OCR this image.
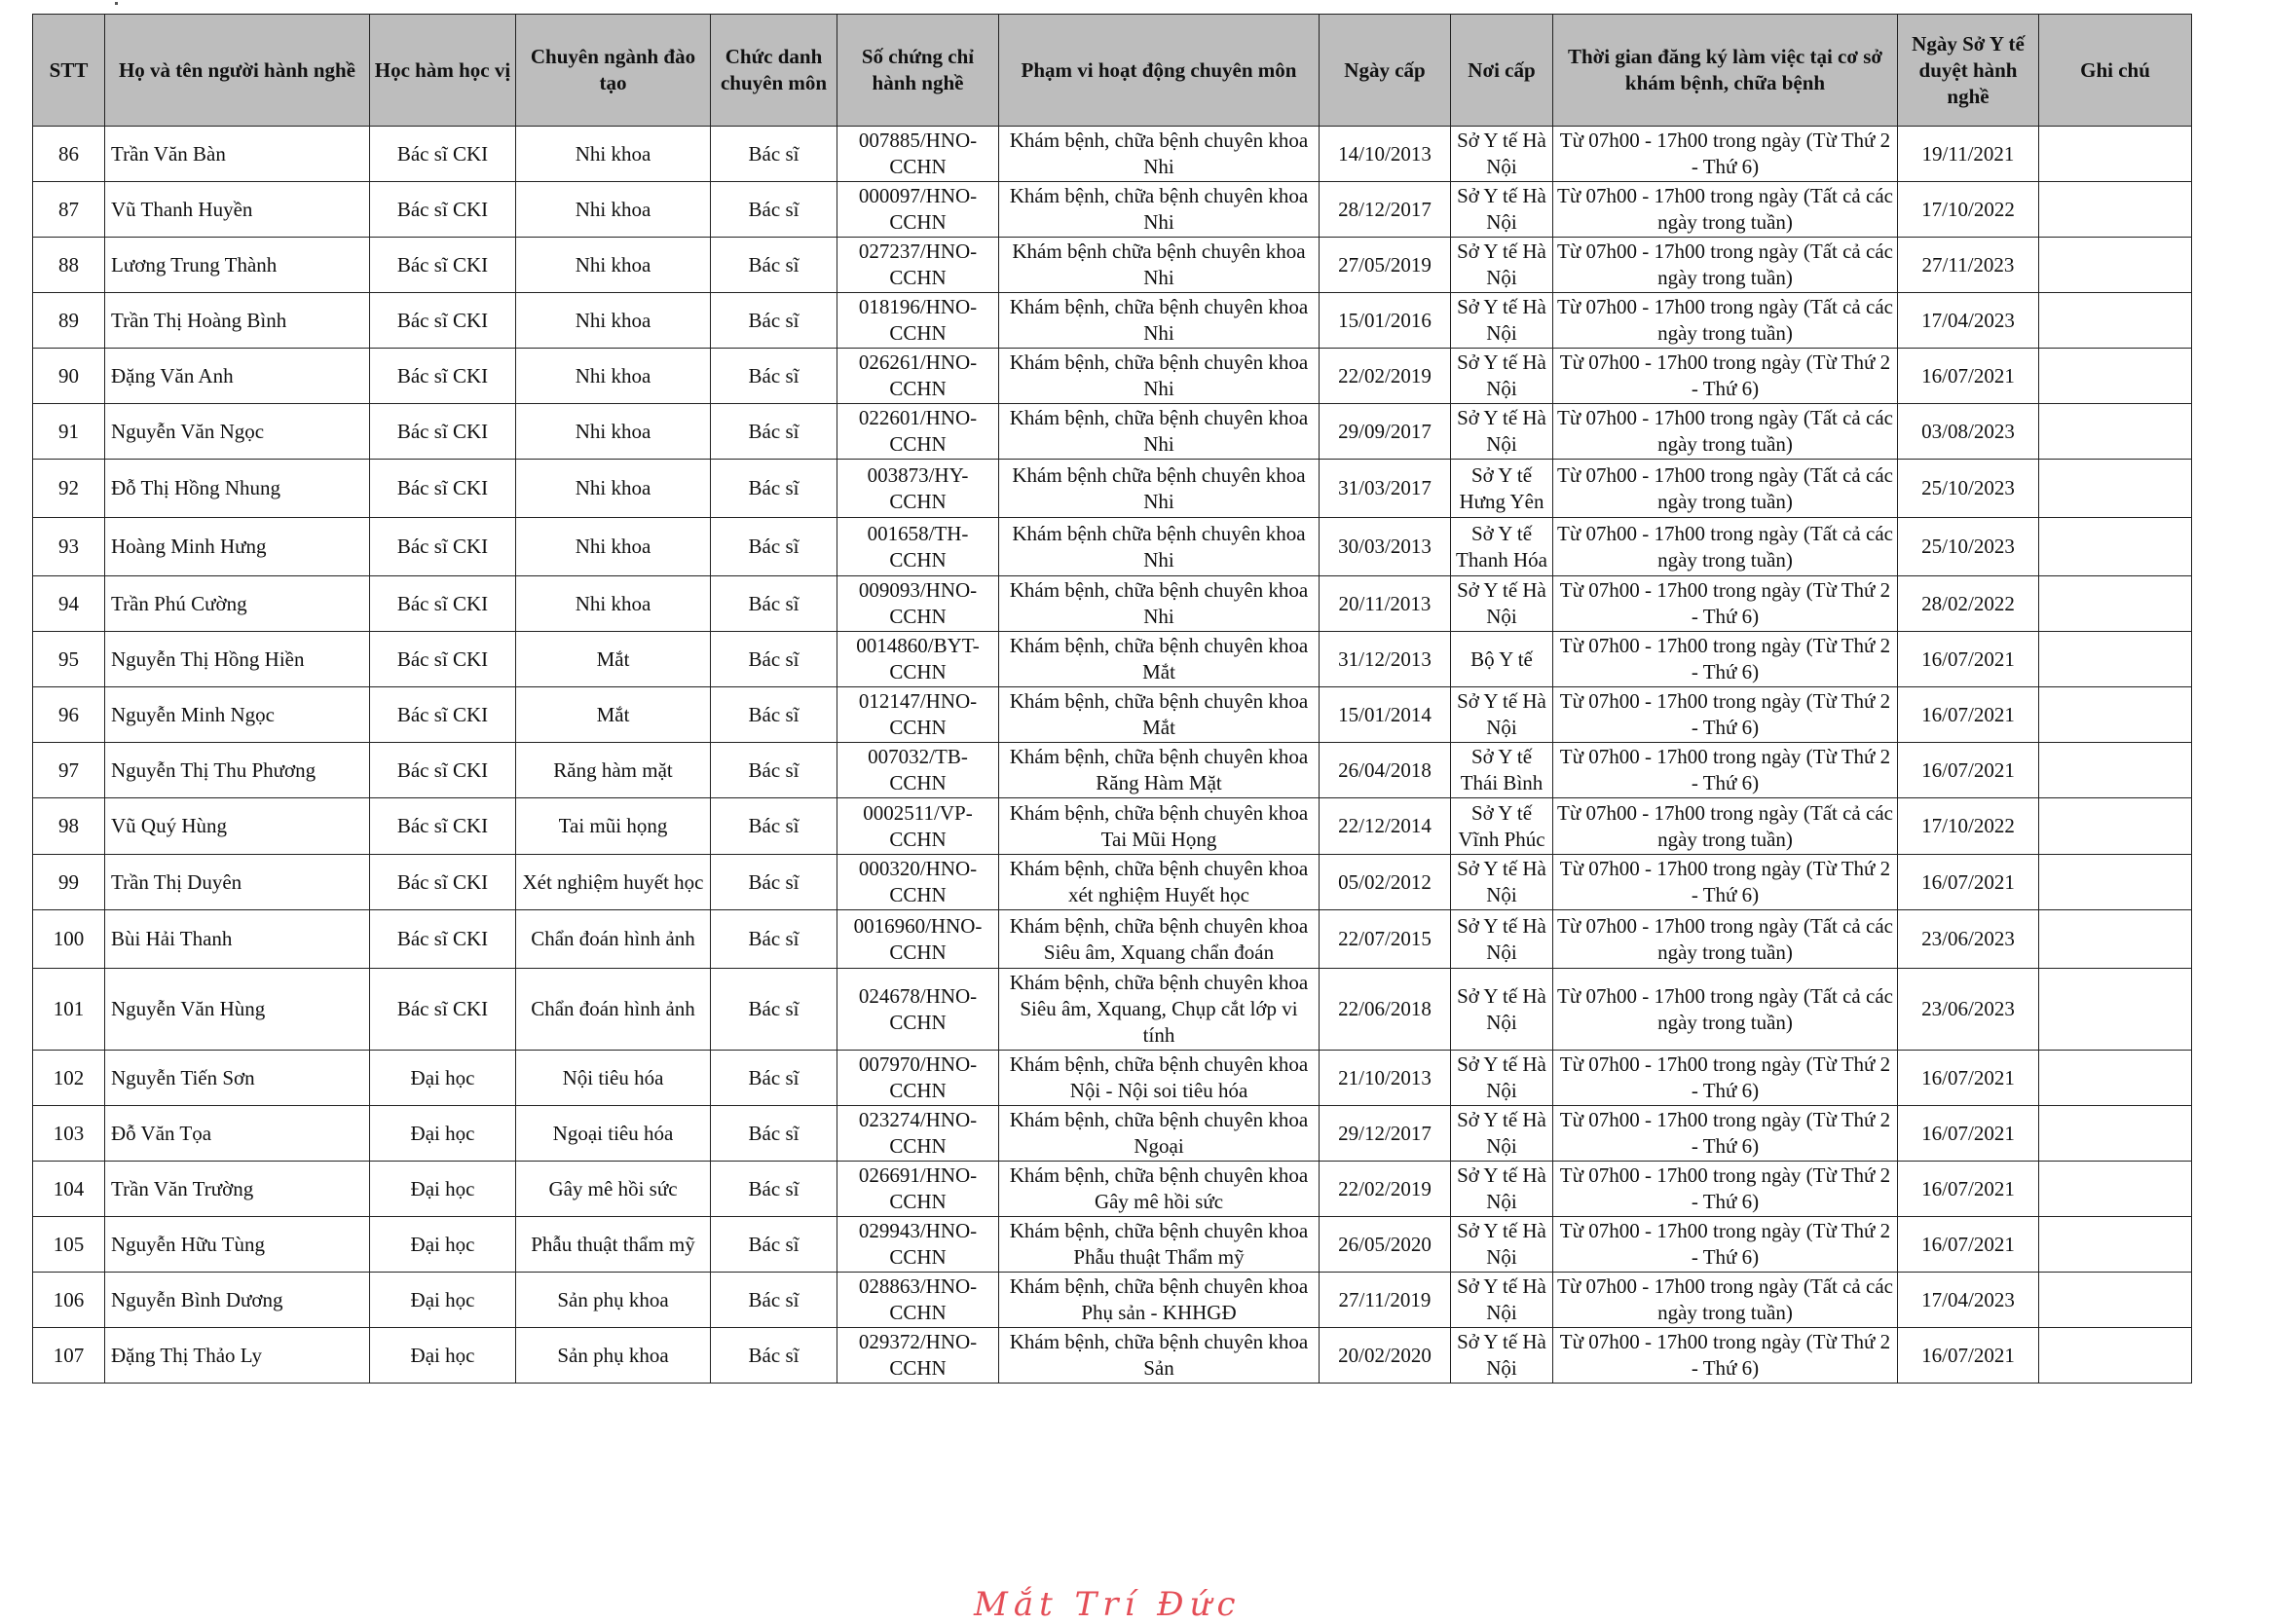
STT	Họ và tên người hành nghề	Học hàm học vị	Chuyên ngành đào tạo	Chức danh chuyên môn	Số chứng chỉ hành nghề	Phạm vi hoạt động chuyên môn	Ngày cấp	Nơi cấp	Thời gian đăng ký làm việc tại cơ sở khám bệnh, chữa bệnh	Ngày Sở Y tế duyệt hành nghề	Ghi chú
86	Trần Văn Bàn	Bác sĩ CKI	Nhi khoa	Bác sĩ	007885/HNO-CCHN	Khám bệnh, chữa bệnh chuyên khoa Nhi	14/10/2013	Sở Y tế Hà Nội	Từ 07h00 - 17h00 trong ngày (Từ Thứ 2 - Thứ 6)	19/11/2021	
87	Vũ Thanh Huyền	Bác sĩ CKI	Nhi khoa	Bác sĩ	000097/HNO-CCHN	Khám bệnh, chữa bệnh chuyên khoa Nhi	28/12/2017	Sở Y tế Hà Nội	Từ 07h00 - 17h00 trong ngày (Tất cả các ngày trong tuần)	17/10/2022	
88	Lương Trung Thành	Bác sĩ CKI	Nhi khoa	Bác sĩ	027237/HNO-CCHN	Khám bệnh chữa bệnh chuyên khoa Nhi	27/05/2019	Sở Y tế Hà Nội	Từ 07h00 - 17h00 trong ngày (Tất cả các ngày trong tuần)	27/11/2023	
89	Trần Thị Hoàng Bình	Bác sĩ CKI	Nhi khoa	Bác sĩ	018196/HNO-CCHN	Khám bệnh, chữa bệnh chuyên khoa Nhi	15/01/2016	Sở Y tế Hà Nội	Từ 07h00 - 17h00 trong ngày (Tất cả các ngày trong tuần)	17/04/2023	
90	Đặng Văn Anh	Bác sĩ CKI	Nhi khoa	Bác sĩ	026261/HNO-CCHN	Khám bệnh, chữa bệnh chuyên khoa Nhi	22/02/2019	Sở Y tế Hà Nội	Từ 07h00 - 17h00 trong ngày (Từ Thứ 2 - Thứ 6)	16/07/2021	
91	Nguyễn Văn Ngọc	Bác sĩ CKI	Nhi khoa	Bác sĩ	022601/HNO-CCHN	Khám bệnh, chữa bệnh chuyên khoa Nhi	29/09/2017	Sở Y tế Hà Nội	Từ 07h00 - 17h00 trong ngày (Tất cả các ngày trong tuần)	03/08/2023	
92	Đỗ Thị Hồng Nhung	Bác sĩ CKI	Nhi khoa	Bác sĩ	003873/HY-CCHN	Khám bệnh chữa bệnh chuyên khoa Nhi	31/03/2017	Sở Y tế Hưng Yên	Từ 07h00 - 17h00 trong ngày (Tất cả các ngày trong tuần)	25/10/2023	
93	Hoàng Minh Hưng	Bác sĩ CKI	Nhi khoa	Bác sĩ	001658/TH-CCHN	Khám bệnh chữa bệnh chuyên khoa Nhi	30/03/2013	Sở Y tế Thanh Hóa	Từ 07h00 - 17h00 trong ngày (Tất cả các ngày trong tuần)	25/10/2023	
94	Trần Phú Cường	Bác sĩ CKI	Nhi khoa	Bác sĩ	009093/HNO-CCHN	Khám bệnh, chữa bệnh chuyên khoa Nhi	20/11/2013	Sở Y tế Hà Nội	Từ 07h00 - 17h00 trong ngày (Từ Thứ 2 - Thứ 6)	28/02/2022	
95	Nguyễn Thị Hồng Hiền	Bác sĩ CKI	Mắt	Bác sĩ	0014860/BYT-CCHN	Khám bệnh, chữa bệnh chuyên khoa Mắt	31/12/2013	Bộ Y tế	Từ 07h00 - 17h00 trong ngày (Từ Thứ 2 - Thứ 6)	16/07/2021	
96	Nguyễn Minh Ngọc	Bác sĩ CKI	Mắt	Bác sĩ	012147/HNO-CCHN	Khám bệnh, chữa bệnh chuyên khoa Mắt	15/01/2014	Sở Y tế Hà Nội	Từ 07h00 - 17h00 trong ngày (Từ Thứ 2 - Thứ 6)	16/07/2021	
97	Nguyễn Thị Thu Phương	Bác sĩ CKI	Răng hàm mặt	Bác sĩ	007032/TB-CCHN	Khám bệnh, chữa bệnh chuyên khoa Răng Hàm Mặt	26/04/2018	Sở Y tế Thái Bình	Từ 07h00 - 17h00 trong ngày (Từ Thứ 2 - Thứ 6)	16/07/2021	
98	Vũ Quý Hùng	Bác sĩ CKI	Tai mũi họng	Bác sĩ	0002511/VP-CCHN	Khám bệnh, chữa bệnh chuyên khoa Tai Mũi Họng	22/12/2014	Sở Y tế Vĩnh Phúc	Từ 07h00 - 17h00 trong ngày (Tất cả các ngày trong tuần)	17/10/2022	
99	Trần Thị Duyên	Bác sĩ CKI	Xét nghiệm huyết học	Bác sĩ	000320/HNO-CCHN	Khám bệnh, chữa bệnh chuyên khoa xét nghiệm Huyết học	05/02/2012	Sở Y tế Hà Nội	Từ 07h00 - 17h00 trong ngày (Từ Thứ 2 - Thứ 6)	16/07/2021	
100	Bùi Hải Thanh	Bác sĩ CKI	Chẩn đoán hình ảnh	Bác sĩ	0016960/HNO-CCHN	Khám bệnh, chữa bệnh chuyên khoa Siêu âm, Xquang chẩn đoán	22/07/2015	Sở Y tế Hà Nội	Từ 07h00 - 17h00 trong ngày (Tất cả các ngày trong tuần)	23/06/2023	
101	Nguyễn Văn Hùng	Bác sĩ CKI	Chẩn đoán hình ảnh	Bác sĩ	024678/HNO-CCHN	Khám bệnh, chữa bệnh chuyên khoa Siêu âm, Xquang, Chụp cắt lớp vi tính	22/06/2018	Sở Y tế Hà Nội	Từ 07h00 - 17h00 trong ngày (Tất cả các ngày trong tuần)	23/06/2023	
102	Nguyễn Tiến Sơn	Đại học	Nội tiêu hóa	Bác sĩ	007970/HNO-CCHN	Khám bệnh, chữa bệnh chuyên khoa Nội - Nội soi tiêu hóa	21/10/2013	Sở Y tế Hà Nội	Từ 07h00 - 17h00 trong ngày (Từ Thứ 2 - Thứ 6)	16/07/2021	
103	Đỗ Văn Tọa	Đại học	Ngoại tiêu hóa	Bác sĩ	023274/HNO-CCHN	Khám bệnh, chữa bệnh chuyên khoa Ngoại	29/12/2017	Sở Y tế Hà Nội	Từ 07h00 - 17h00 trong ngày (Từ Thứ 2 - Thứ 6)	16/07/2021	
104	Trần Văn Trường	Đại học	Gây mê hồi sức	Bác sĩ	026691/HNO-CCHN	Khám bệnh, chữa bệnh chuyên khoa Gây mê hồi sức	22/02/2019	Sở Y tế Hà Nội	Từ 07h00 - 17h00 trong ngày (Từ Thứ 2 - Thứ 6)	16/07/2021	
105	Nguyễn Hữu Tùng	Đại học	Phẫu thuật thẩm mỹ	Bác sĩ	029943/HNO-CCHN	Khám bệnh, chữa bệnh chuyên khoa Phẫu thuật Thẩm mỹ	26/05/2020	Sở Y tế Hà Nội	Từ 07h00 - 17h00 trong ngày (Từ Thứ 2 - Thứ 6)	16/07/2021	
106	Nguyễn Bình Dương	Đại học	Sản phụ khoa	Bác sĩ	028863/HNO-CCHN	Khám bệnh, chữa bệnh chuyên khoa Phụ sản - KHHGĐ	27/11/2019	Sở Y tế Hà Nội	Từ 07h00 - 17h00 trong ngày (Tất cả các ngày trong tuần)	17/04/2023	
107	Đặng Thị Thảo Ly	Đại học	Sản phụ khoa	Bác sĩ	029372/HNO-CCHN	Khám bệnh, chữa bệnh chuyên khoa Sản	20/02/2020	Sở Y tế Hà Nội	Từ 07h00 - 17h00 trong ngày (Từ Thứ 2 - Thứ 6)	16/07/2021	
Mắt Trí Đức
